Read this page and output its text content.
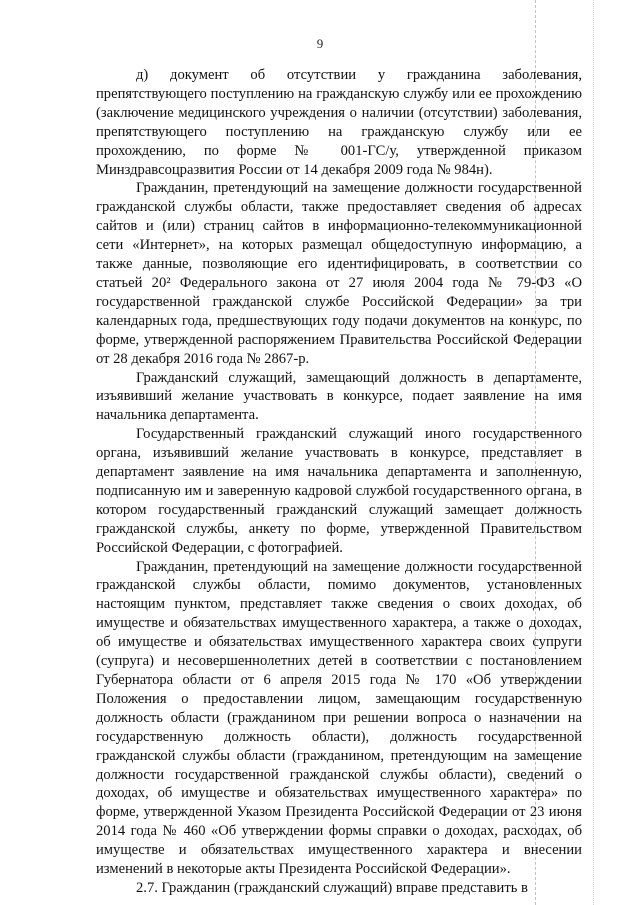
9

д) документ об отсутствии у гражданина заболевания, препятствующего поступлению на гражданскую службу или ее прохождению (заключение медицинского учреждения о наличии (отсутствии) заболевания, препятствующего поступлению на гражданскую службу или ее прохождению, по форме № 001-ГС/у, утвержденной приказом Минздравсоцразвития России от 14 декабря 2009 года № 984н).

Гражданин, претендующий на замещение должности государственной гражданской службы области, также предоставляет сведения об адресах сайтов и (или) страниц сайтов в информационно-телекоммуникационной сети «Интернет», на которых размещал общедоступную информацию, а также данные, позволяющие его идентифицировать, в соответствии со статьей 20² Федерального закона от 27 июля 2004 года № 79-ФЗ «О государственной гражданской службе Российской Федерации» за три календарных года, предшествующих году подачи документов на конкурс, по форме, утвержденной распоряжением Правительства Российской Федерации от 28 декабря 2016 года № 2867-р.

Гражданский служащий, замещающий должность в департаменте, изъявивший желание участвовать в конкурсе, подает заявление на имя начальника департамента.

Государственный гражданский служащий иного государственного органа, изъявивший желание участвовать в конкурсе, представляет в департамент заявление на имя начальника департамента и заполненную, подписанную им и заверенную кадровой службой государственного органа, в котором государственный гражданский служащий замещает должность гражданской службы, анкету по форме, утвержденной Правительством Российской Федерации, с фотографией.

Гражданин, претендующий на замещение должности государственной гражданской службы области, помимо документов, установленных настоящим пунктом, представляет также сведения о своих доходах, об имуществе и обязательствах имущественного характера, а также о доходах, об имуществе и обязательствах имущественного характера своих супруги (супруга) и несовершеннолетних детей в соответствии с постановлением Губернатора области от 6 апреля 2015 года № 170 «Об утверждении Положения о предоставлении лицом, замещающим государственную должность области (гражданином при решении вопроса о назначении на государственную должность области), должность государственной гражданской службы области (гражданином, претендующим на замещение должности государственной гражданской службы области), сведений о доходах, об имуществе и обязательствах имущественного характера» по форме, утвержденной Указом Президента Российской Федерации от 23 июня 2014 года № 460 «Об утверждении формы справки о доходах, расходах, об имуществе и обязательствах имущественного характера и внесении изменений в некоторые акты Президента Российской Федерации».

2.7. Гражданин (гражданский служащий) вправе представить в
